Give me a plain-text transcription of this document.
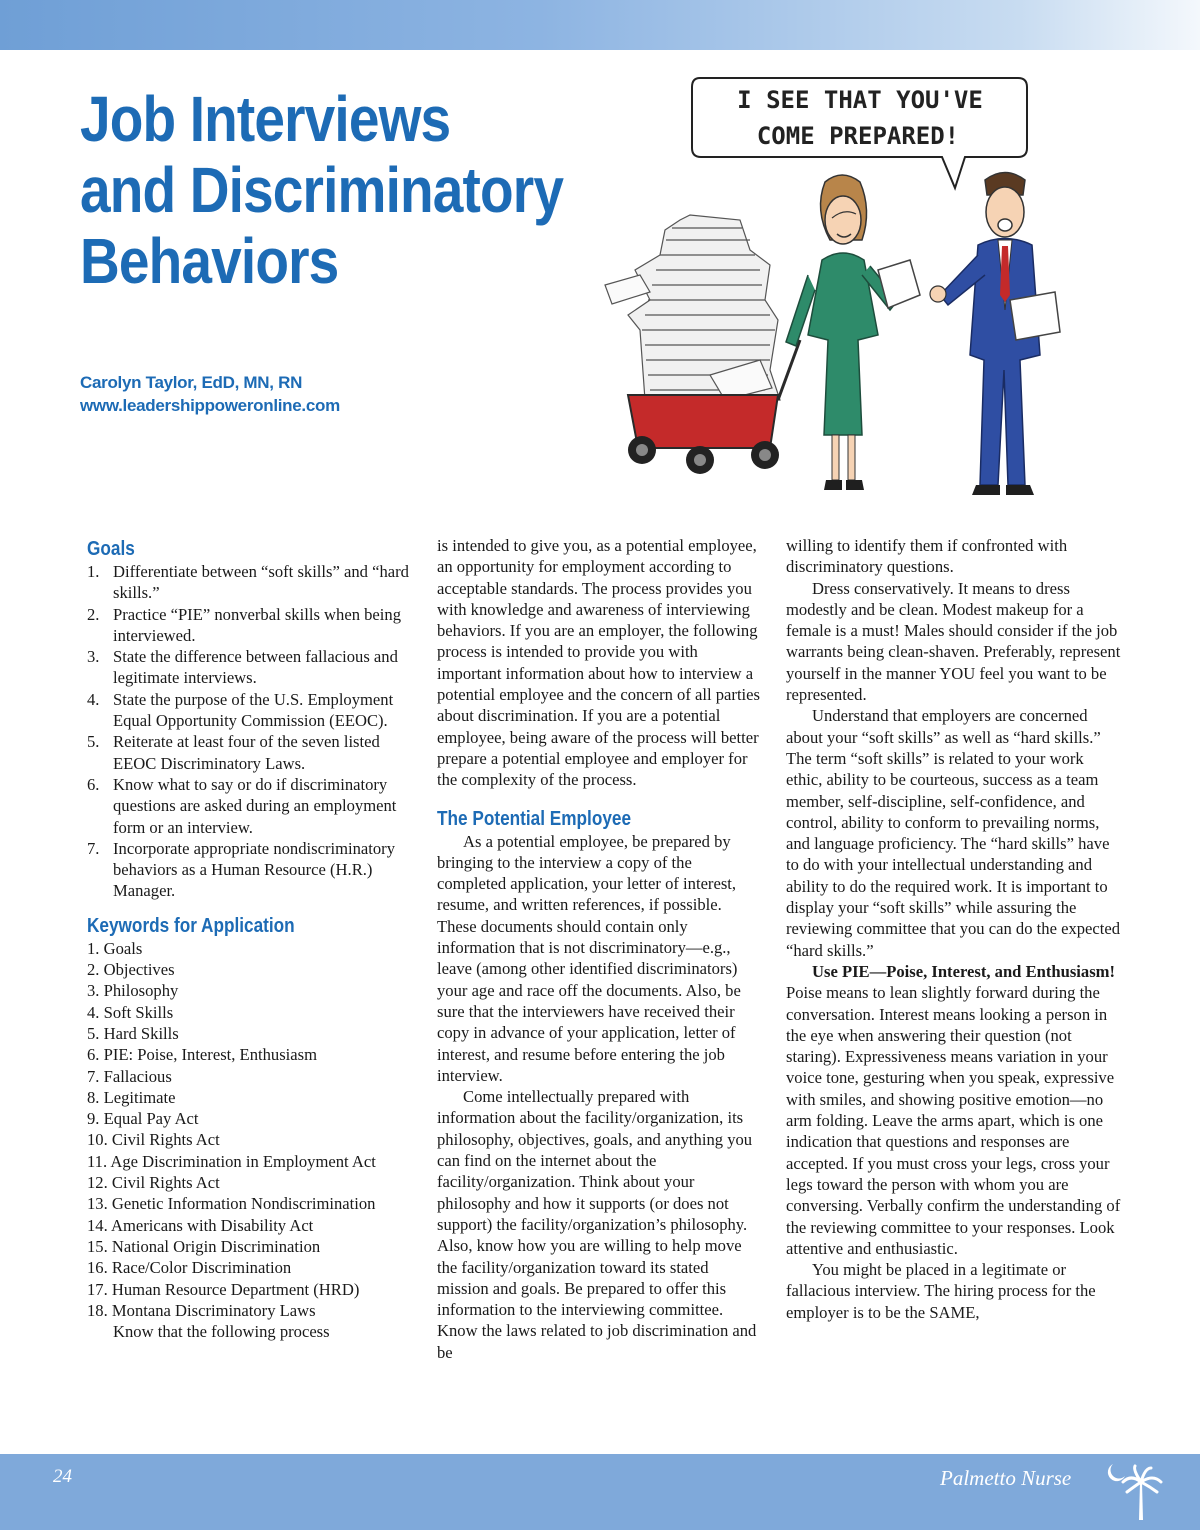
Job Interviews
and Discriminatory
Behaviors
Carolyn Taylor, EdD, MN, RN
www.leadershippoweronline.com
I SEE THAT YOU'VE
COME PREPARED!
Goals
1. Differentiate between “soft skills” and “hard skills.”
2. Practice “PIE” nonverbal skills when being interviewed.
3. State the difference between fallacious and legitimate interviews.
4. State the purpose of the U.S. Employment Equal Opportunity Commission (EEOC).
5. Reiterate at least four of the seven listed EEOC Discriminatory Laws.
6. Know what to say or do if discriminatory questions are asked during an employment form or an interview.
7. Incorporate appropriate nondiscriminatory behaviors as a Human Resource (H.R.) Manager.
Keywords for Application
1. Goals
2. Objectives
3. Philosophy
4. Soft Skills
5. Hard Skills
6. PIE: Poise, Interest, Enthusiasm
7. Fallacious
8. Legitimate
9. Equal Pay Act
10. Civil Rights Act
11. Age Discrimination in Employment Act
12. Civil Rights Act
13. Genetic Information Nondiscrimination
14. Americans with Disability Act
15. National Origin Discrimination
16. Race/Color Discrimination
17. Human Resource Department (HRD)
18. Montana Discriminatory Laws

Know that the following process

is intended to give you, as a potential employee, an opportunity for employment according to acceptable standards. The process provides you with knowledge and awareness of interviewing behaviors. If you are an employer, the following process is intended to provide you with important information about how to interview a potential employee and the concern of all parties about discrimination. If you are a potential employee, being aware of the process will better prepare a potential employee and employer for the complexity of the process.

The Potential Employee

As a potential employee, be prepared by bringing to the interview a copy of the completed application, your letter of interest, resume, and written references, if possible. These documents should contain only information that is not discriminatory—e.g., leave (among other identified discriminators) your age and race off the documents. Also, be sure that the interviewers have received their copy in advance of your application, letter of interest, and resume before entering the job interview.

Come intellectually prepared with information about the facility/organization, its philosophy, objectives, goals, and anything you can find on the internet about the facility/organization. Think about your philosophy and how it supports (or does not support) the facility/organization’s philosophy. Also, know how you are willing to help move the facility/organization toward its stated mission and goals. Be prepared to offer this information to the interviewing committee. Know the laws related to job discrimination and be

willing to identify them if confronted with discriminatory questions.

Dress conservatively. It means to dress modestly and be clean. Modest makeup for a female is a must! Males should consider if the job warrants being clean-shaven. Preferably, represent yourself in the manner YOU feel you want to be represented.

Understand that employers are concerned about your “soft skills” as well as “hard skills.” The term “soft skills” is related to your work ethic, ability to be courteous, success as a team member, self-discipline, self-confidence, and control, ability to conform to prevailing norms, and language proficiency. The “hard skills” have to do with your intellectual understanding and ability to do the required work. It is important to display your “soft skills” while assuring the reviewing committee that you can do the expected “hard skills.”

Use PIE—Poise, Interest, and Enthusiasm! Poise means to lean slightly forward during the conversation. Interest means looking a person in the eye when answering their question (not staring). Expressiveness means variation in your voice tone, gesturing when you speak, expressive with smiles, and showing positive emotion—no arm folding. Leave the arms apart, which is one indication that questions and responses are accepted. If you must cross your legs, cross your legs toward the person with whom you are conversing. Verbally confirm the understanding of the reviewing committee to your responses. Look attentive and enthusiastic.

You might be placed in a legitimate or fallacious interview. The hiring process for the employer is to be the SAME,

24	Palmetto Nurse
